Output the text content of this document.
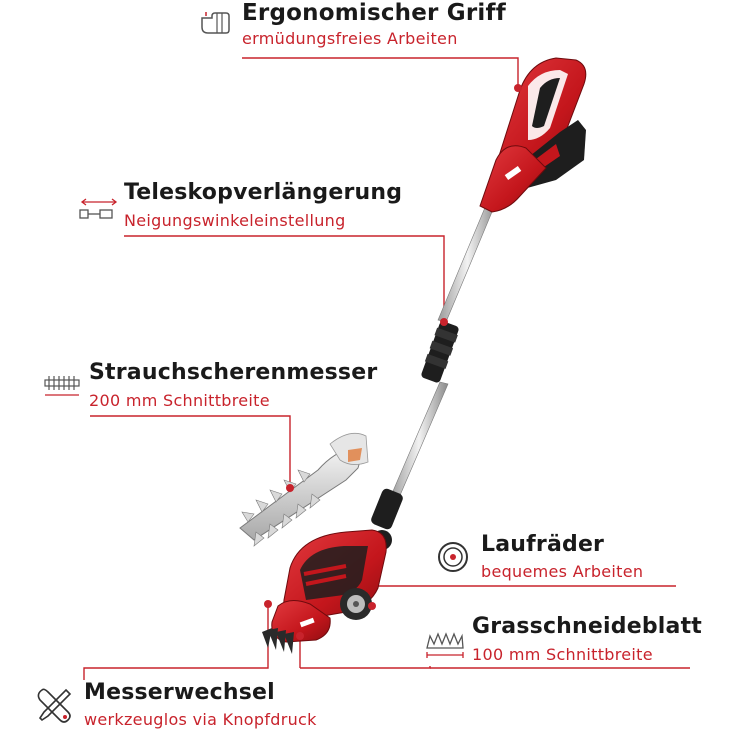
Ergonomischer Griff
ermüdungsfreies Arbeiten
Teleskopverlängerung
Neigungswinkeleinstellung
Strauchscherenmesser
200 mm Schnittbreite
Laufräder
bequemes Arbeiten
Grasschneideblatt
100 mm Schnittbreite
Messerwechsel
werkzeuglos via Knopfdruck
